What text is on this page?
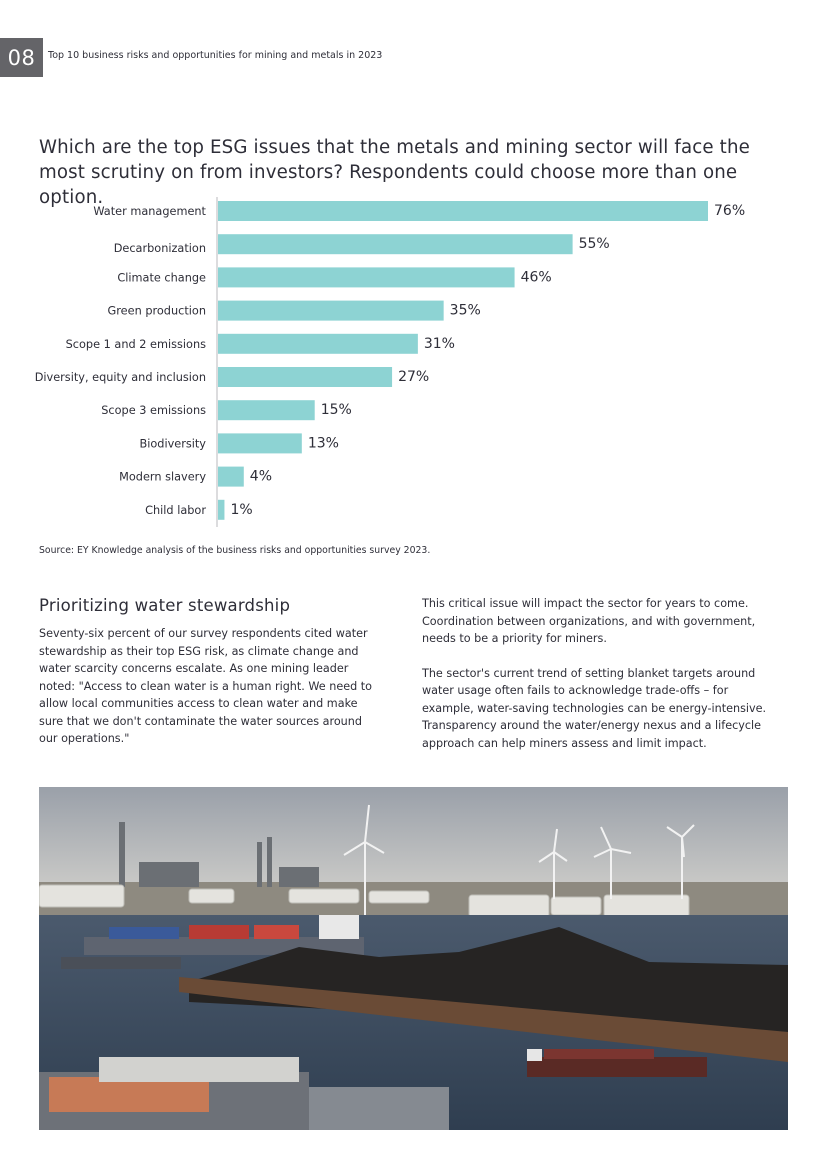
08	Top 10 business risks and opportunities for mining and metals in 2023
Which are the top ESG issues that the metals and mining sector will face the most scrutiny on from investors? Respondents could choose more than one option.
Water management	76%
Decarbonization	55%
Climate change	46%
Green production	35%
Scope 1 and 2 emissions	31%
Diversity, equity and inclusion	27%
Scope 3 emissions	15%
Biodiversity	13%
Modern slavery	4%
Child labor 1%
Source: EY Knowledge analysis of the business risks and opportunities survey 2023.
Prioritizing water stewardship

Seventy-six percent of our survey respondents cited water stewardship as their top ESG risk, as climate change and water scarcity concerns escalate. As one mining leader noted: "Access to clean water is a human right. We need to allow local communities access to clean water and make sure that we don't contaminate the water sources around our operations."

This critical issue will impact the sector for years to come. Coordination between organizations, and with government, needs to be a priority for miners.

The sector's current trend of setting blanket targets around water usage often fails to acknowledge trade-offs – for example, water-saving technologies can be energy-intensive. Transparency around the water/energy nexus and a lifecycle approach can help miners assess and limit impact.
